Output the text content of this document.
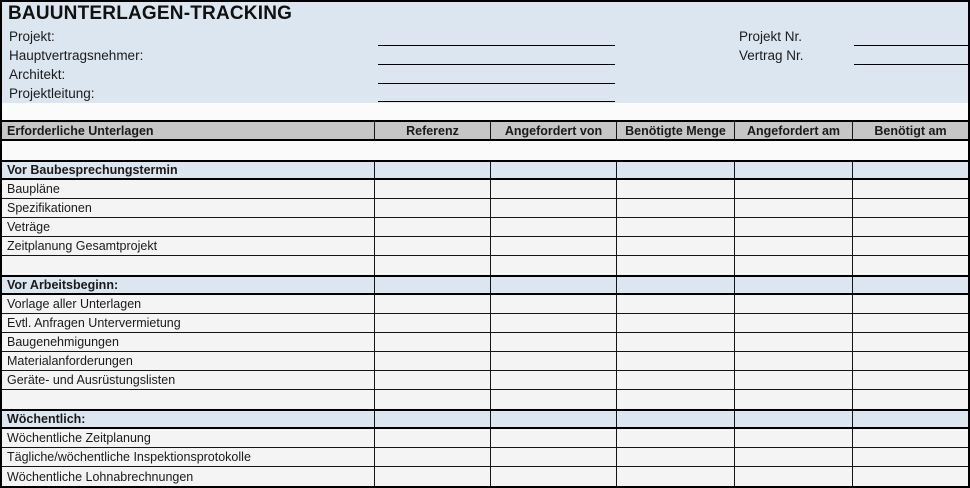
BAUUNTERLAGEN-TRACKING
Projekt:
Hauptvertragsnehmer:
Architekt:
Projektleitung:
Projekt Nr.
Vertrag Nr.
Erforderliche Unterlagen	Referenz	Angefordert von	Benötigte Menge	Angefordert am	Benötigt am
Vor Baubesprechungstermin
Baupläne
Spezifikationen
Veträge
Zeitplanung Gesamtprojekt
Vor Arbeitsbeginn:
Vorlage aller Unterlagen
Evtl. Anfragen Untervermietung
Baugenehmigungen
Materialanforderungen
Geräte- und Ausrüstungslisten
Wöchentlich:
Wöchentliche Zeitplanung
Tägliche/wöchentliche Inspektionsprotokolle
Wöchentliche Lohnabrechnungen
